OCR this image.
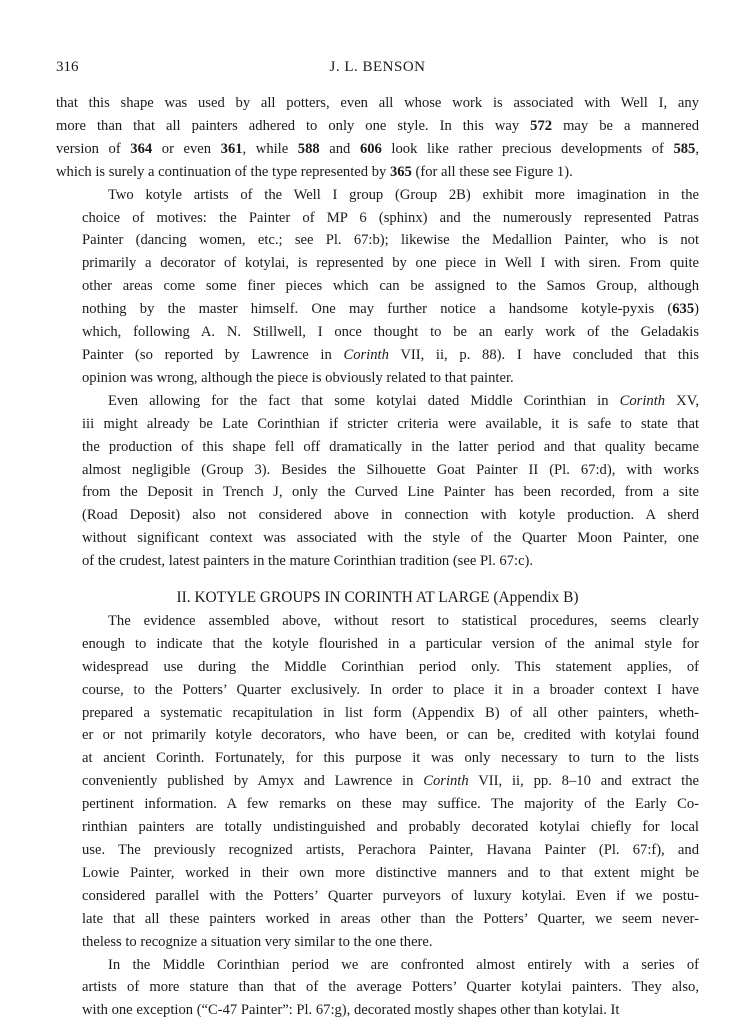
316	J. L. BENSON

that this shape was used by all potters, even all whose work is associated with Well I, any
more than that all painters adhered to only one style. In this way 572 may be a mannered
version of 364 or even 361, while 588 and 606 look like rather precious developments of 585,
which is surely a continuation of the type represented by 365 (for all these see Figure 1).

Two kotyle artists of the Well I group (Group 2B) exhibit more imagination in the
choice of motives: the Painter of MP 6 (sphinx) and the numerously represented Patras
Painter (dancing women, etc.; see Pl. 67:b); likewise the Medallion Painter, who is not
primarily a decorator of kotylai, is represented by one piece in Well I with siren. From quite
other areas come some finer pieces which can be assigned to the Samos Group, although
nothing by the master himself. One may further notice a handsome kotyle-pyxis (635)
which, following A. N. Stillwell, I once thought to be an early work of the Geladakis
Painter (so reported by Lawrence in Corinth VII, ii, p. 88). I have concluded that this
opinion was wrong, although the piece is obviously related to that painter.

Even allowing for the fact that some kotylai dated Middle Corinthian in Corinth XV,
iii might already be Late Corinthian if stricter criteria were available, it is safe to state that
the production of this shape fell off dramatically in the latter period and that quality became
almost negligible (Group 3). Besides the Silhouette Goat Painter II (Pl. 67:d), with works
from the Deposit in Trench J, only the Curved Line Painter has been recorded, from a site
(Road Deposit) also not considered above in connection with kotyle production. A sherd
without significant context was associated with the style of the Quarter Moon Painter, one
of the crudest, latest painters in the mature Corinthian tradition (see Pl. 67:c).

II. KOTYLE GROUPS IN CORINTH AT LARGE (Appendix B)

The evidence assembled above, without resort to statistical procedures, seems clearly
enough to indicate that the kotyle flourished in a particular version of the animal style for
widespread use during the Middle Corinthian period only. This statement applies, of
course, to the Potters’ Quarter exclusively. In order to place it in a broader context I have
prepared a systematic recapitulation in list form (Appendix B) of all other painters, wheth-
er or not primarily kotyle decorators, who have been, or can be, credited with kotylai found
at ancient Corinth. Fortunately, for this purpose it was only necessary to turn to the lists
conveniently published by Amyx and Lawrence in Corinth VII, ii, pp. 8–10 and extract the
pertinent information. A few remarks on these may suffice. The majority of the Early Co-
rinthian painters are totally undistinguished and probably decorated kotylai chiefly for local
use. The previously recognized artists, Perachora Painter, Havana Painter (Pl. 67:f), and
Lowie Painter, worked in their own more distinctive manners and to that extent might be
considered parallel with the Potters’ Quarter purveyors of luxury kotylai. Even if we postu-
late that all these painters worked in areas other than the Potters’ Quarter, we seem never-
theless to recognize a situation very similar to the one there.

In the Middle Corinthian period we are confronted almost entirely with a series of
artists of more stature than that of the average Potters’ Quarter kotylai painters. They also,
with one exception (“C-47 Painter”: Pl. 67:g), decorated mostly shapes other than kotylai. It
